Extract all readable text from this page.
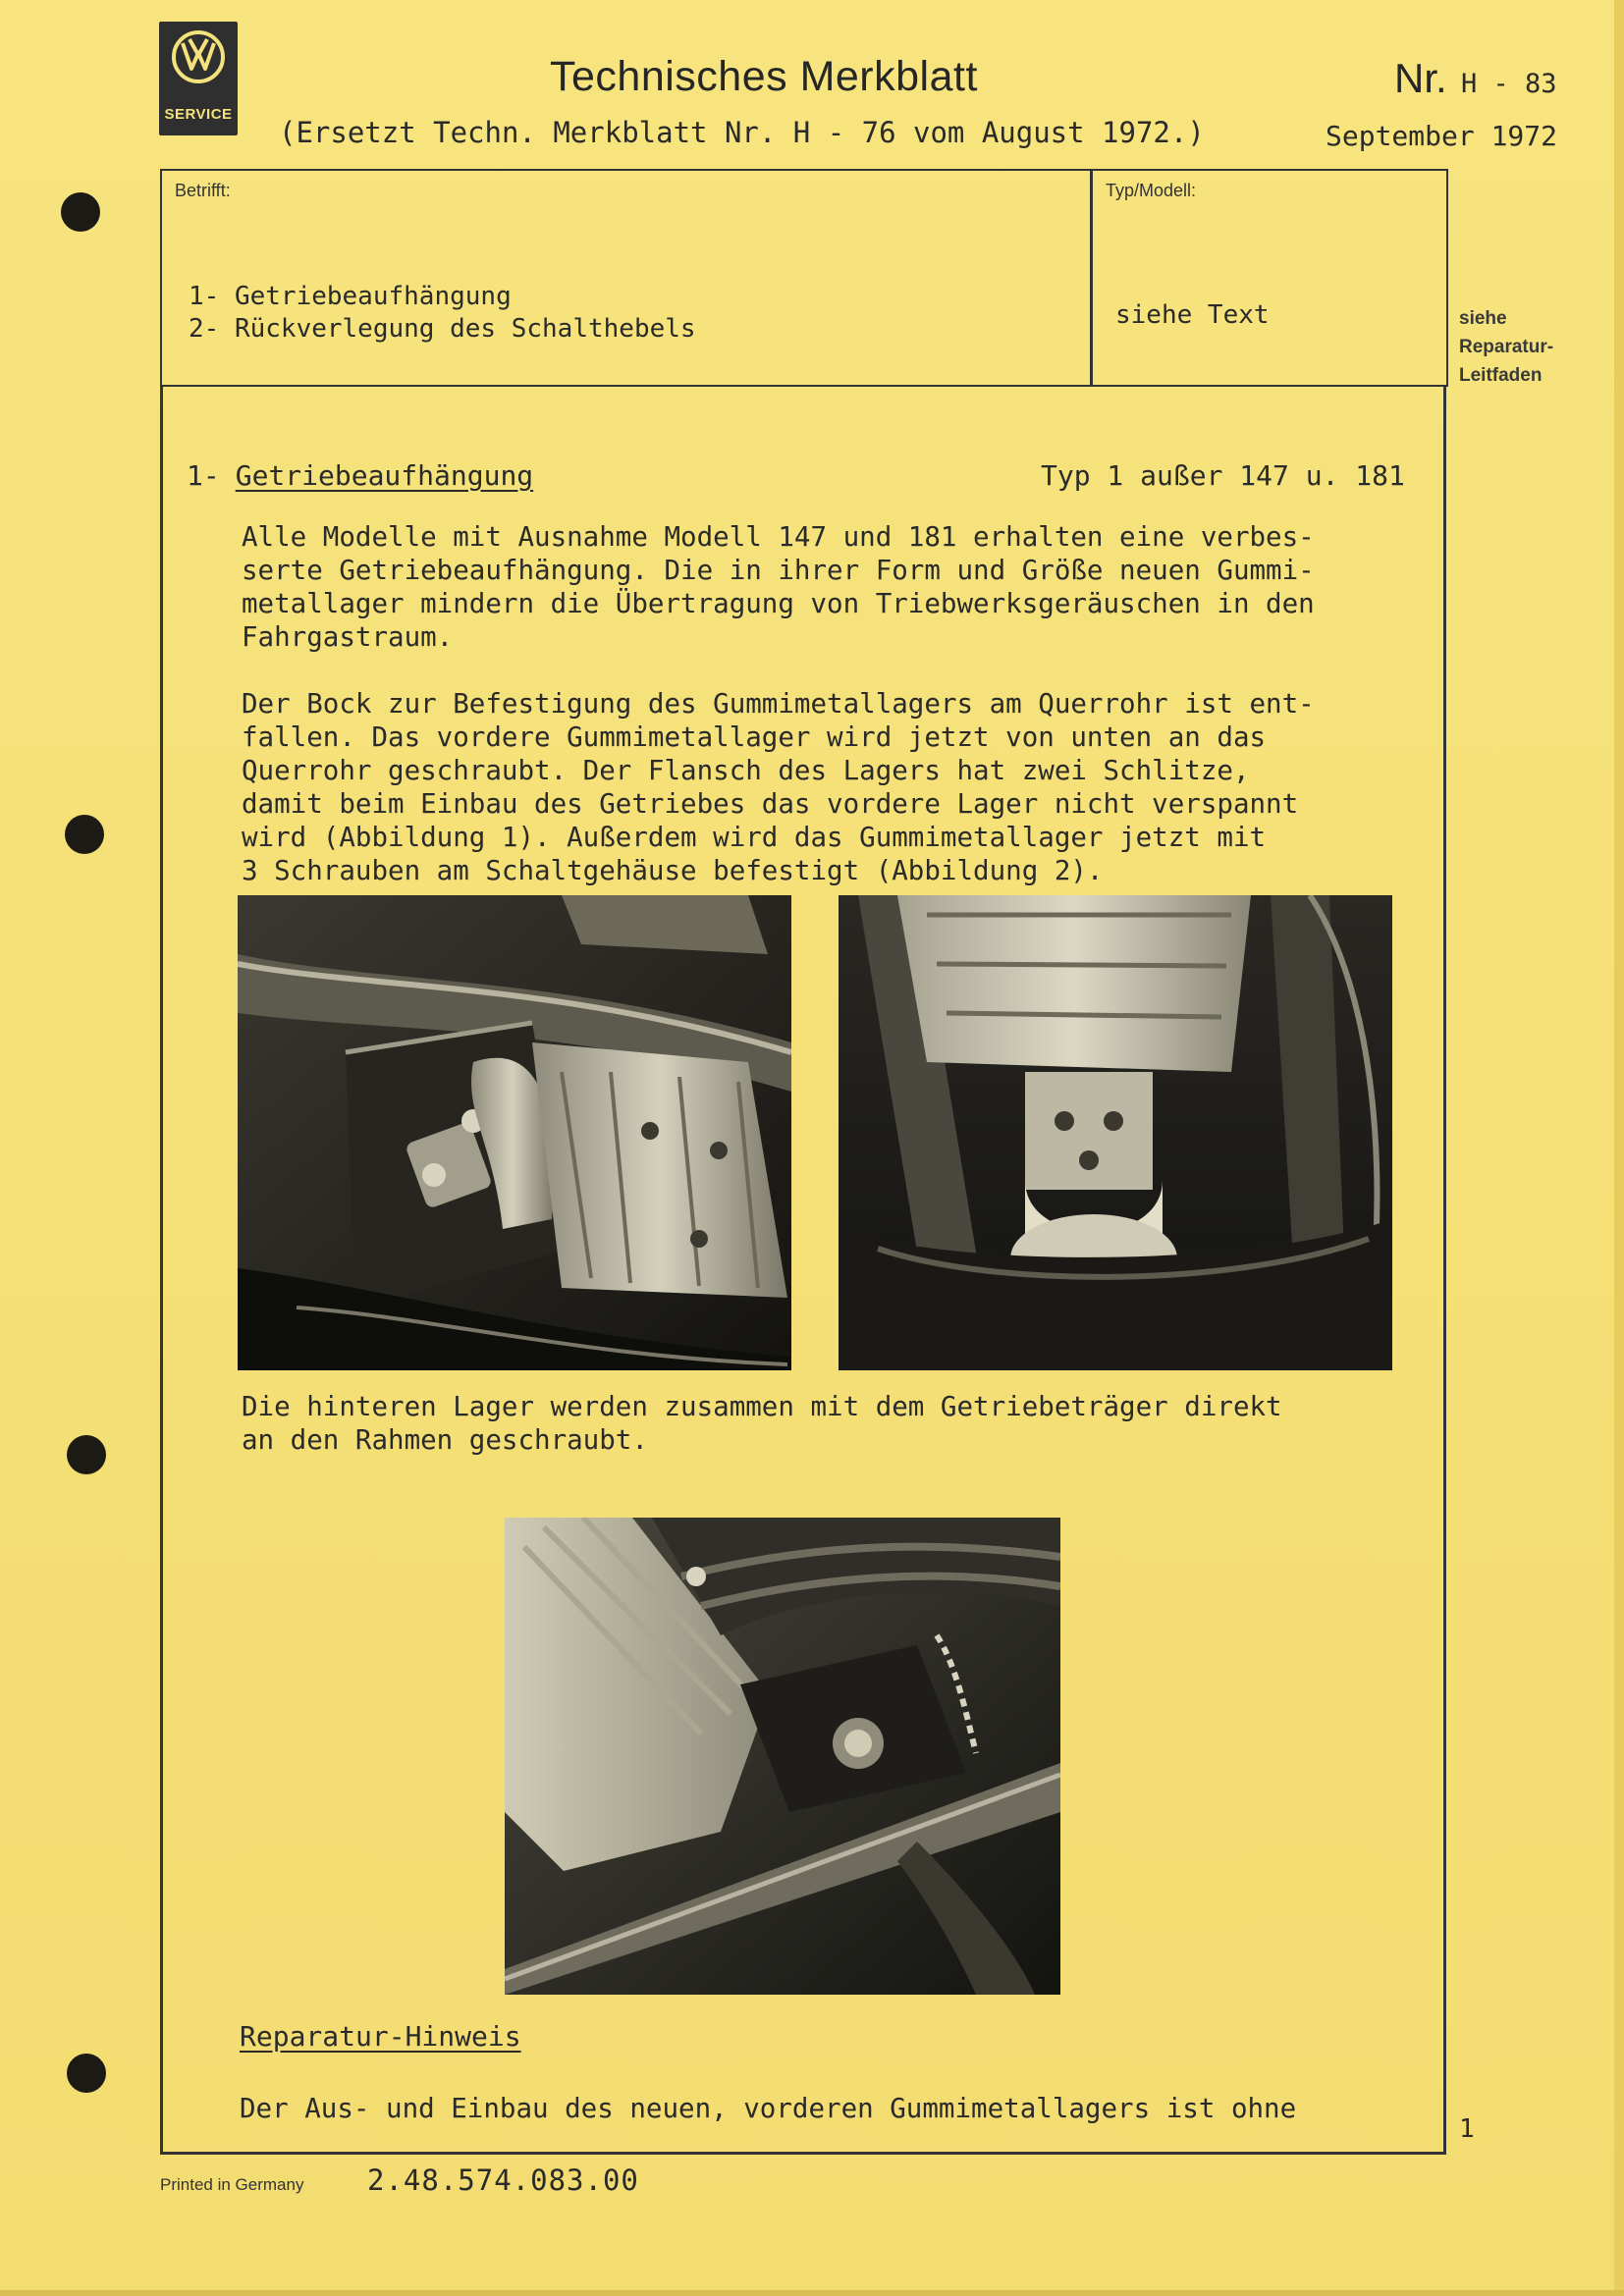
SERVICE
Technisches Merkblatt	Nr. H - 83
(Ersetzt Techn. Merkblatt Nr. H - 76 vom August 1972.)	September 1972
Betrifft:
1- Getriebeaufhängung
2- Rückverlegung des Schalthebels
Typ/Modell:
siehe Text	siehe
Reparatur-
Leitfaden
1- Getriebeaufhängung	Typ 1 außer 147 u. 181
Alle Modelle mit Ausnahme Modell 147 und 181 erhalten eine verbes-
serte Getriebeaufhängung. Die in ihrer Form und Größe neuen Gummi-
metallager mindern die Übertragung von Triebwerksgeräuschen in den
Fahrgastraum.
Der Bock zur Befestigung des Gummimetallagers am Querrohr ist ent-
fallen. Das vordere Gummimetallager wird jetzt von unten an das
Querrohr geschraubt. Der Flansch des Lagers hat zwei Schlitze,
damit beim Einbau des Getriebes das vordere Lager nicht verspannt
wird (Abbildung 1). Außerdem wird das Gummimetallager jetzt mit
3 Schrauben am Schaltgehäuse befestigt (Abbildung 2).
Die hinteren Lager werden zusammen mit dem Getriebeträger direkt
an den Rahmen geschraubt.
Reparatur-Hinweis
Der Aus- und Einbau des neuen, vorderen Gummimetallagers ist ohne
1
Printed in Germany 2.48.574.083.00
